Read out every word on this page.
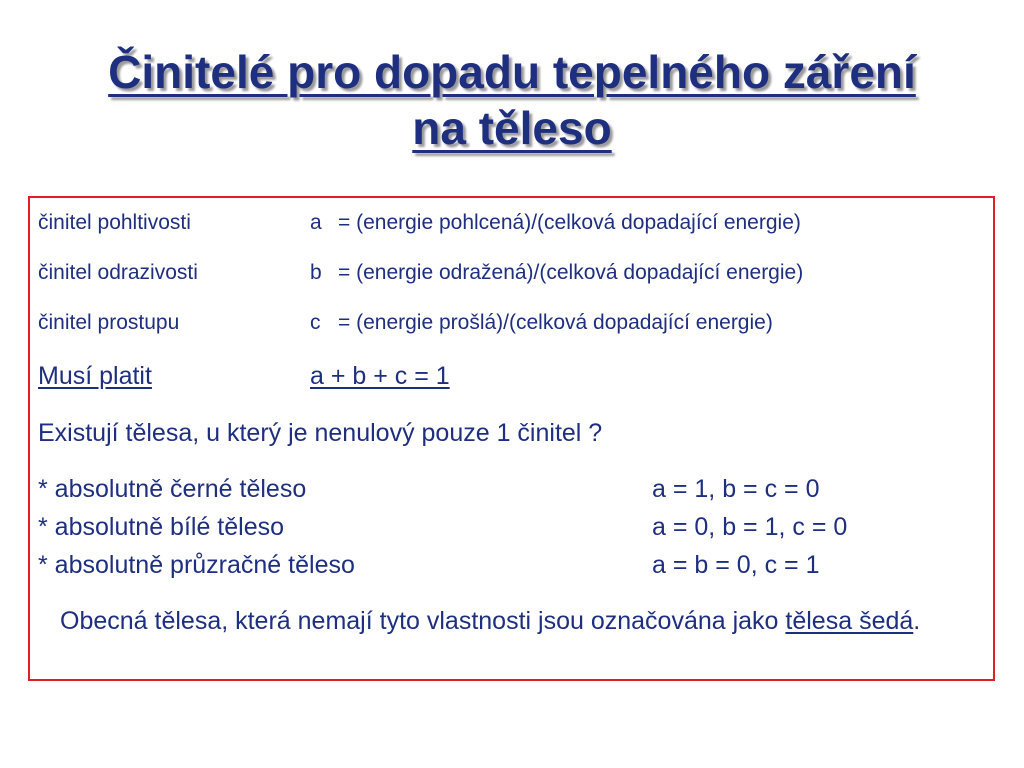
Činitelé pro dopadu tepelného záření
na těleso
činitel pohltivosti	a = (energie pohlcená)/(celková dopadající energie)
činitel odrazivosti	b = (energie odražená)/(celková dopadající energie)
činitel prostupu	c = (energie prošlá)/(celková dopadající energie)
Musí platit	a + b + c = 1
Existují tělesa, u který je nenulový pouze 1 činitel ?
* absolutně černé těleso	a = 1, b = c = 0
* absolutně bílé těleso	a = 0, b = 1, c = 0
* absolutně průzračné těleso	a = b = 0, c = 1
Obecná tělesa, která nemají tyto vlastnosti jsou označována jako tělesa šedá.
